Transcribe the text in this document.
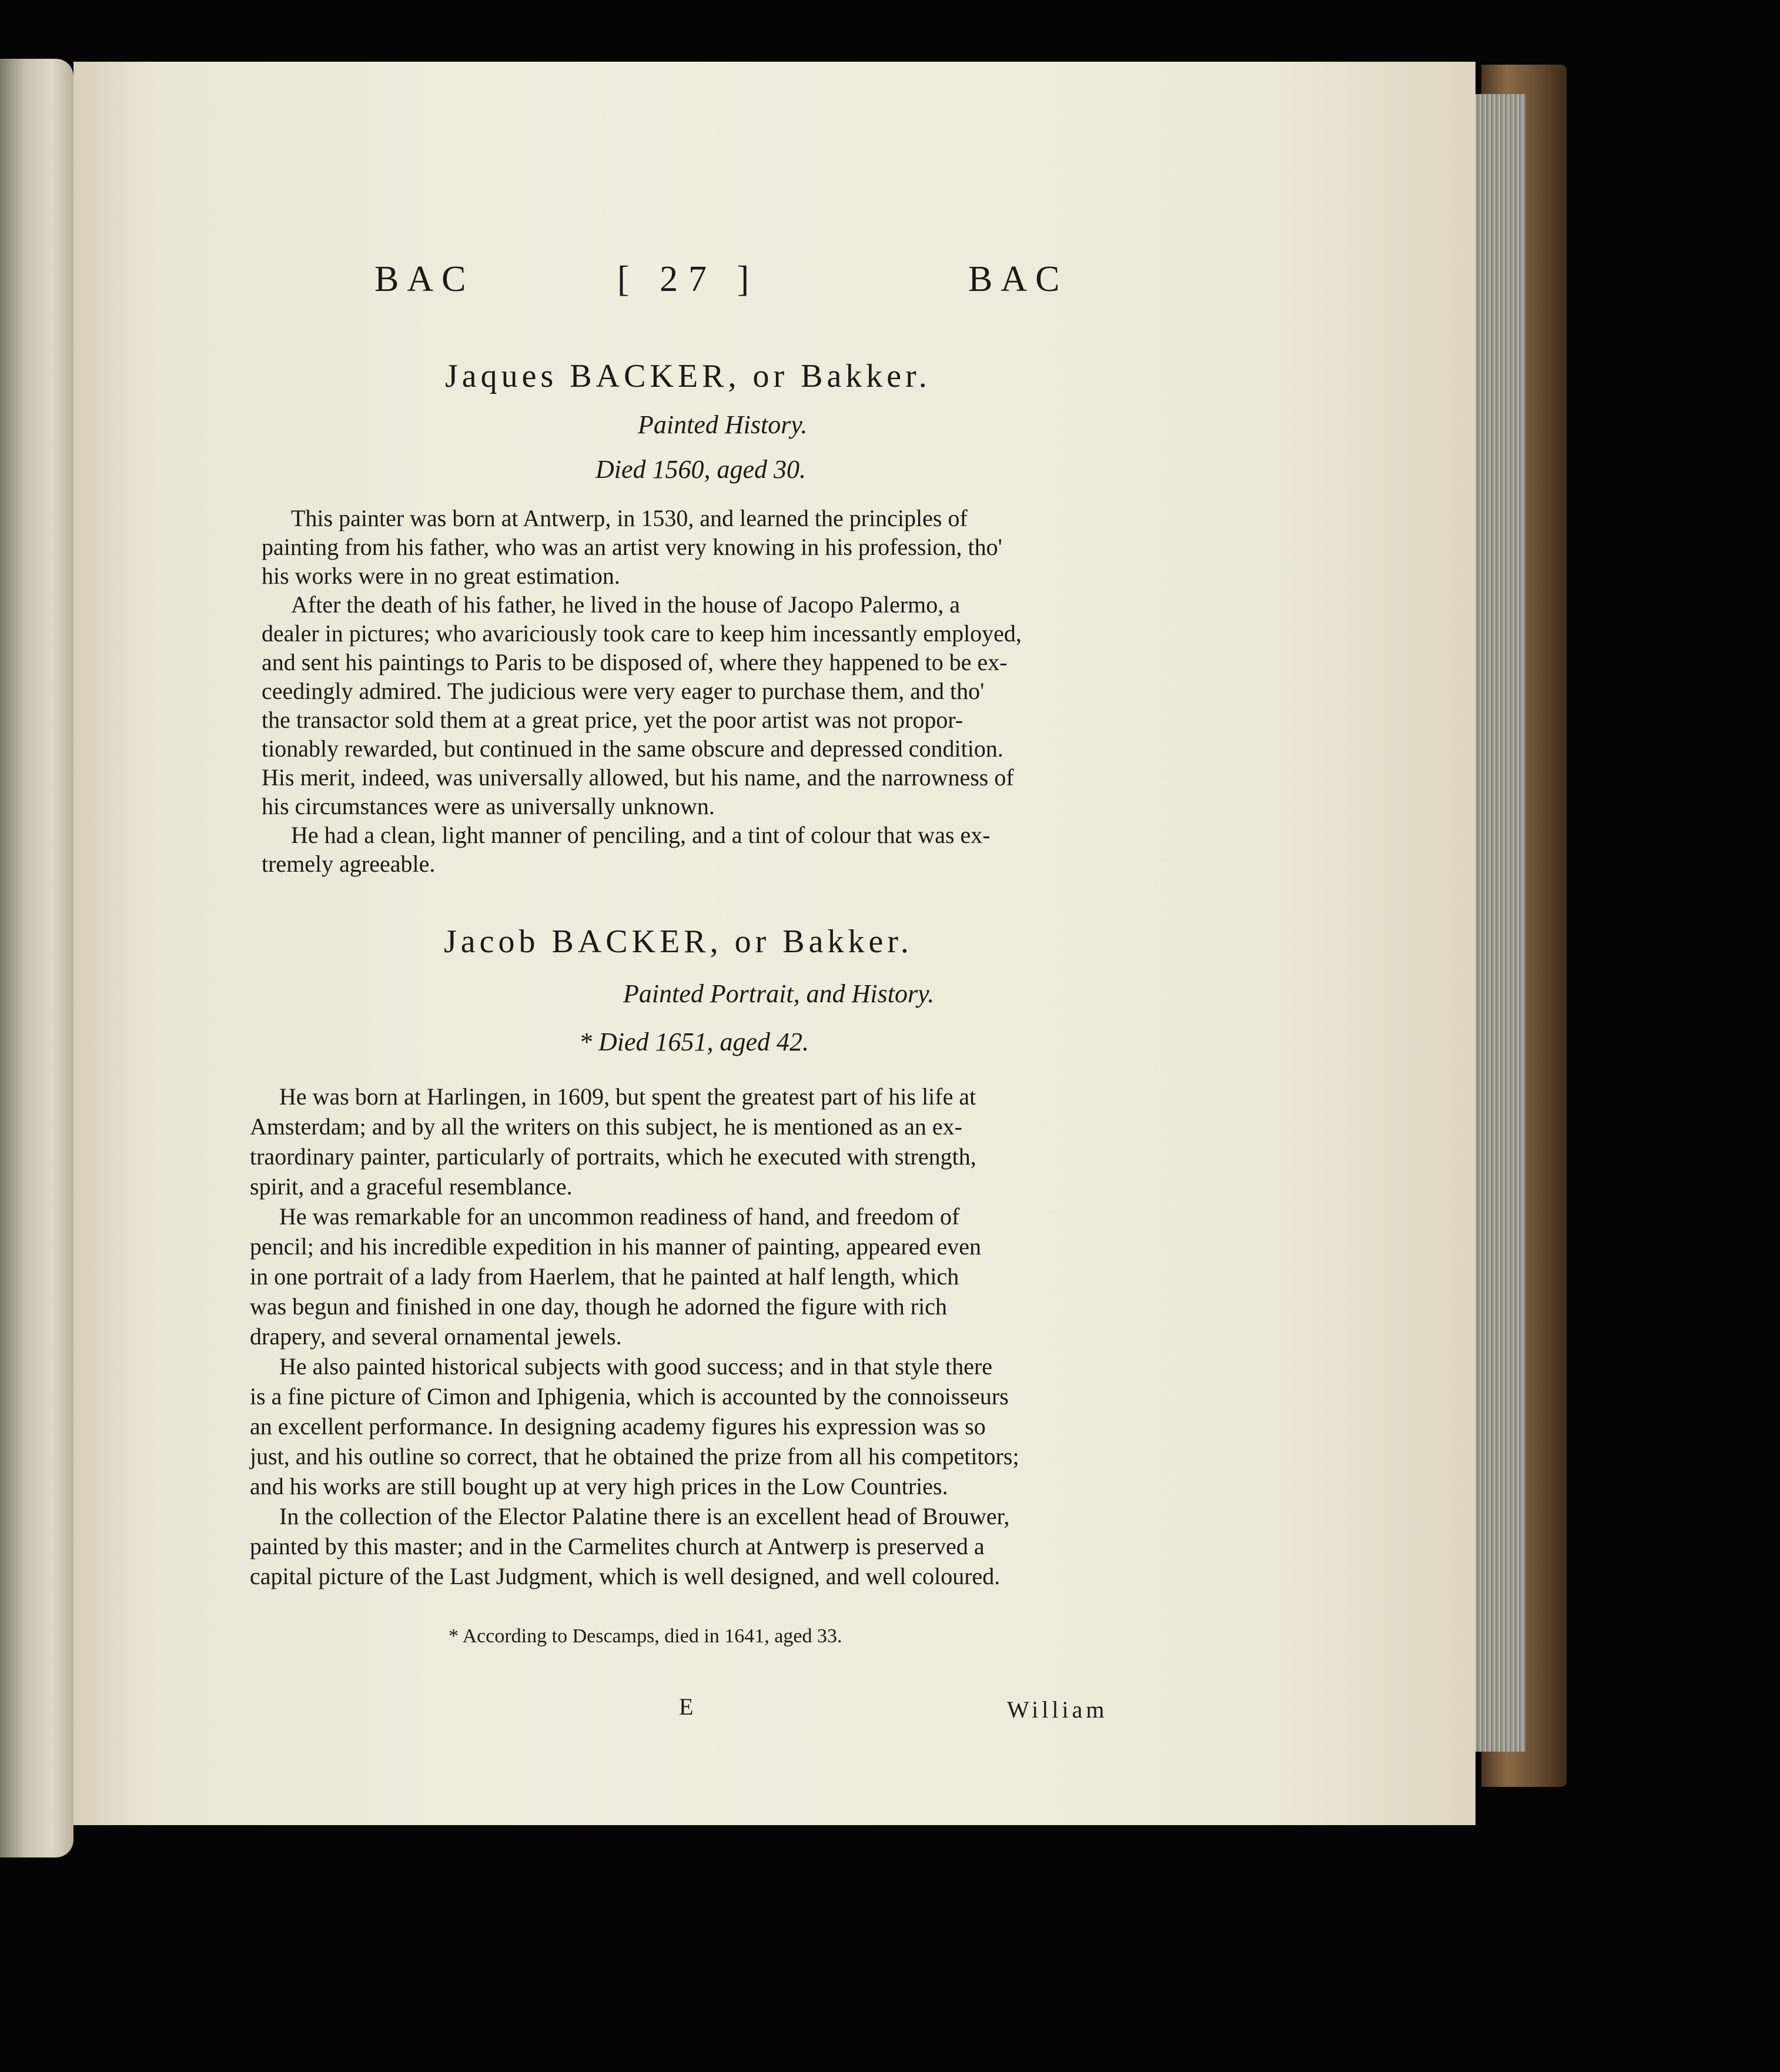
BAC	[ 27 ]	BAC
Jaques BACKER, or Bakker.
Painted History.
Died 1560, aged 30.
This painter was born at Antwerp, in 1530, and learned the principles of
painting from his father, who was an artist very knowing in his profession, tho'
his works were in no great estimation.
After the death of his father, he lived in the house of Jacopo Palermo, a
dealer in pictures; who avariciously took care to keep him incessantly employed,
and sent his paintings to Paris to be disposed of, where they happened to be ex-
ceedingly admired. The judicious were very eager to purchase them, and tho'
the transactor sold them at a great price, yet the poor artist was not propor-
tionably rewarded, but continued in the same obscure and depressed condition.
His merit, indeed, was universally allowed, but his name, and the narrowness of
his circumstances were as universally unknown.
He had a clean, light manner of penciling, and a tint of colour that was ex-
tremely agreeable.
Jacob BACKER, or Bakker.
Painted Portrait, and History.
* Died 1651, aged 42.
He was born at Harlingen, in 1609, but spent the greatest part of his life at
Amsterdam; and by all the writers on this subject, he is mentioned as an ex-
traordinary painter, particularly of portraits, which he executed with strength,
spirit, and a graceful resemblance.
He was remarkable for an uncommon readiness of hand, and freedom of
pencil; and his incredible expedition in his manner of painting, appeared even
in one portrait of a lady from Haerlem, that he painted at half length, which
was begun and finished in one day, though he adorned the figure with rich
drapery, and several ornamental jewels.
He also painted historical subjects with good success; and in that style there
is a fine picture of Cimon and Iphigenia, which is accounted by the connoisseurs
an excellent performance. In designing academy figures his expression was so
just, and his outline so correct, that he obtained the prize from all his competitors;
and his works are still bought up at very high prices in the Low Countries.
In the collection of the Elector Palatine there is an excellent head of Brouwer,
painted by this master; and in the Carmelites church at Antwerp is preserved a
capital picture of the Last Judgment, which is well designed, and well coloured.
* According to Descamps, died in 1641, aged 33.
E	William
